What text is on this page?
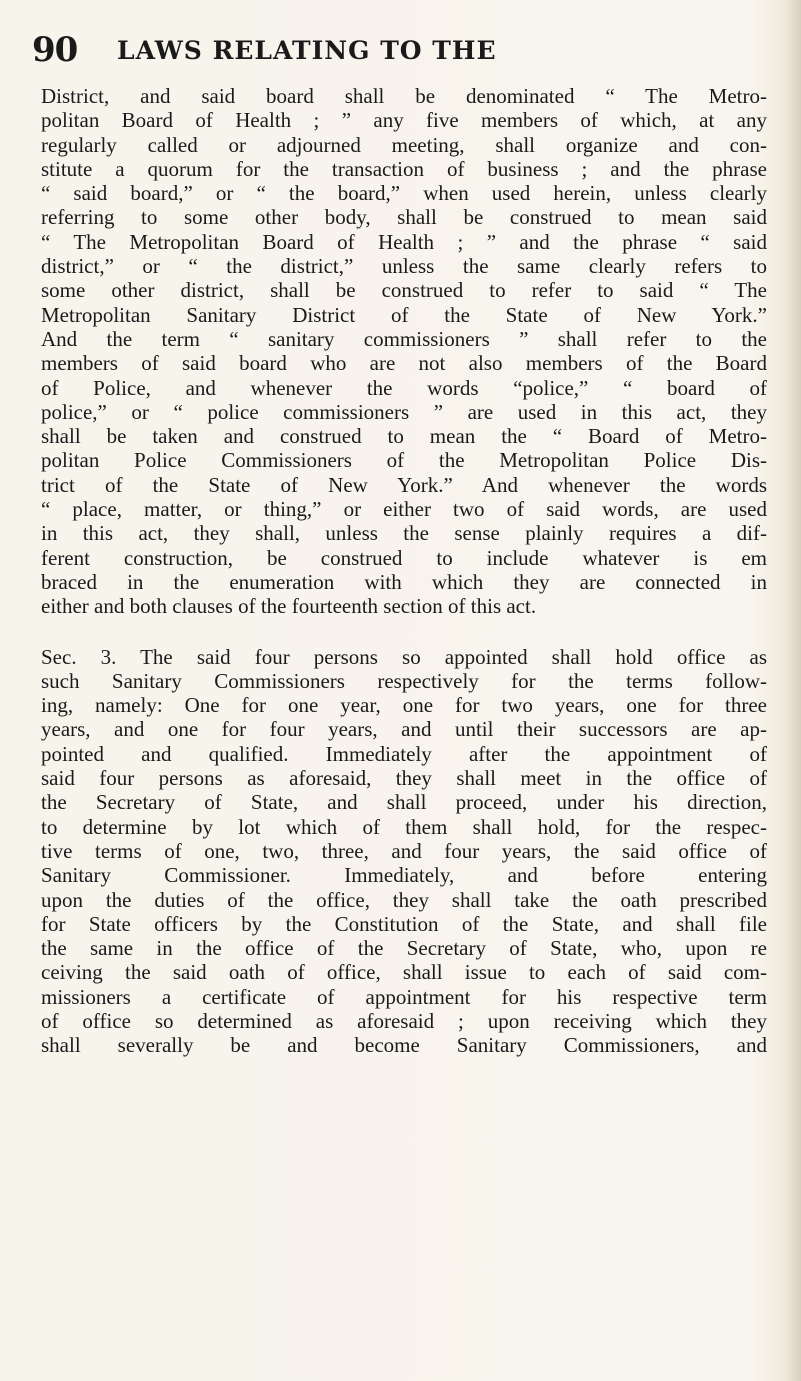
90 LAWS RELATING TO THE

District, and said board shall be denominated “ The Metro-
politan Board of Health ; ” any five members of which, at any
regularly called or adjourned meeting, shall organize and con-
stitute a quorum for the transaction of business ; and the phrase
“ said board,” or “ the board,” when used herein, unless clearly
referring to some other body, shall be construed to mean said
“ The Metropolitan Board of Health ; ” and the phrase “ said
district,” or “ the district,” unless the same clearly refers to
some other district, shall be construed to refer to said “ The
Metropolitan Sanitary District of the State of New York.”
And the term “ sanitary commissioners ” shall refer to the
members of said board who are not also members of the Board
of Police, and whenever the words “police,” “ board of
police,” or “ police commissioners ” are used in this act, they
shall be taken and construed to mean the “ Board of Metro-
politan Police Commissioners of the Metropolitan Police Dis-
trict of the State of New York.” And whenever the words
“ place, matter, or thing,” or either two of said words, are used
in this act, they shall, unless the sense plainly requires a dif-
ferent construction, be construed to include whatever is em
braced in the enumeration with which they are connected in
either and both clauses of the fourteenth section of this act.

Sec. 3. The said four persons so appointed shall hold office as
such Sanitary Commissioners respectively for the terms follow-
ing, namely: One for one year, one for two years, one for three
years, and one for four years, and until their successors are ap-
pointed and qualified. Immediately after the appointment of
said four persons as aforesaid, they shall meet in the office of
the Secretary of State, and shall proceed, under his direction,
to determine by lot which of them shall hold, for the respec-
tive terms of one, two, three, and four years, the said office of
Sanitary Commissioner. Immediately, and before entering
upon the duties of the office, they shall take the oath prescribed
for State officers by the Constitution of the State, and shall file
the same in the office of the Secretary of State, who, upon re
ceiving the said oath of office, shall issue to each of said com-
missioners a certificate of appointment for his respective term
of office so determined as aforesaid ; upon receiving which they
shall severally be and become Sanitary Commissioners, and
